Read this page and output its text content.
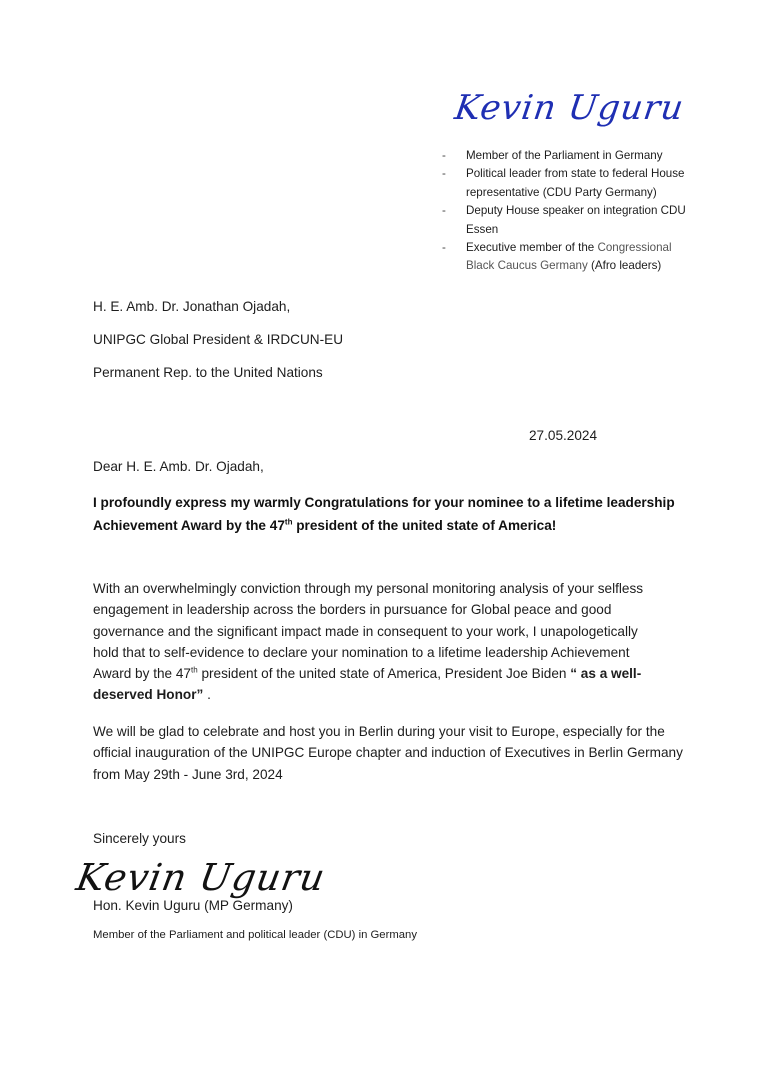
Kevin Uguru
- Member of the Parliament in Germany
- Political leader from state to federal House representative (CDU Party Germany)
- Deputy House speaker on integration CDU Essen
- Executive member of the Congressional Black Caucus Germany (Afro leaders)
H. E. Amb. Dr. Jonathan Ojadah,
UNIPGC Global President & IRDCUN-EU
Permanent Rep. to the United Nations
27.05.2024
Dear H. E. Amb. Dr. Ojadah,
I profoundly express my warmly Congratulations for your nominee to a lifetime leadership Achievement Award by the 47th president of the united state of America!
With an overwhelmingly conviction through my personal monitoring analysis of your selfless engagement in leadership across the borders in pursuance for Global peace and good governance and the significant impact made in consequent to your work, I unapologetically hold that to self-evidence to declare your nomination to a lifetime leadership Achievement Award by the 47th president of the united state of America, President Joe Biden “ as a well-deserved Honor” .
We will be glad to celebrate and host you in Berlin during your visit to Europe, especially for the official inauguration of the UNIPGC Europe chapter and induction of Executives in Berlin Germany from May 29th - June 3rd, 2024
Sincerely yours
Kevin Uguru
Hon. Kevin Uguru (MP Germany)
Member of the Parliament and political leader (CDU) in Germany
